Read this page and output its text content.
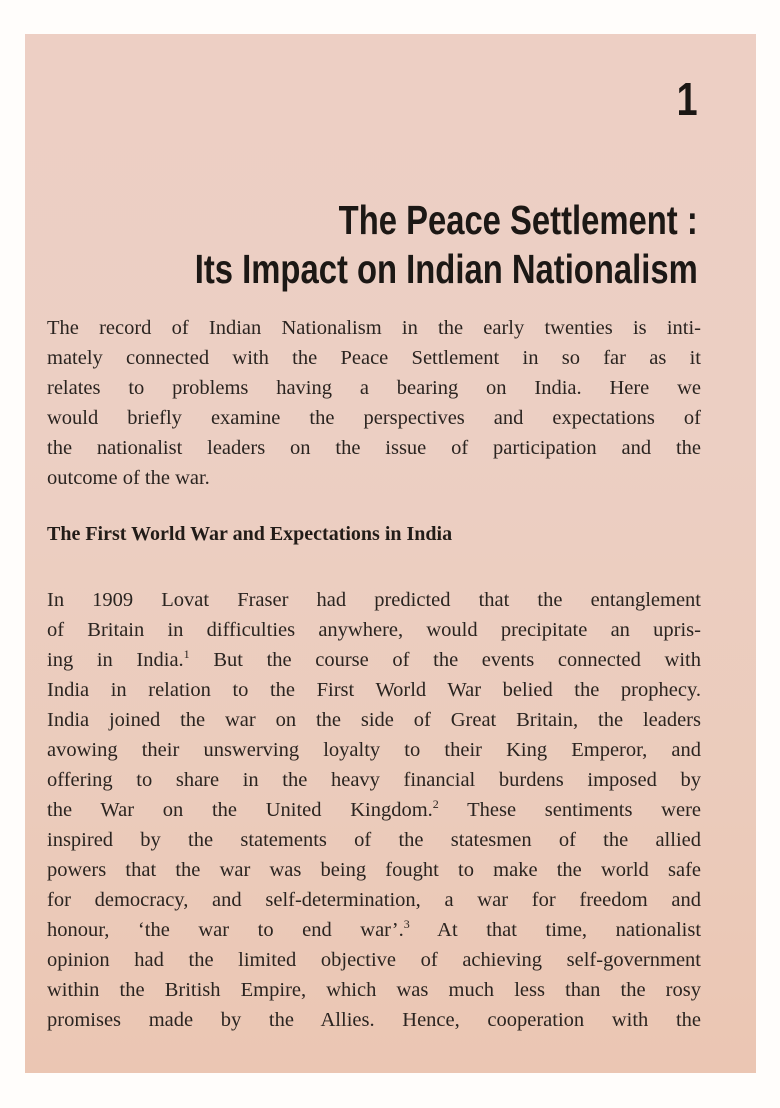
1
The Peace Settlement :
Its Impact on Indian Nationalism
The record of Indian Nationalism in the early twenties is inti-
mately connected with the Peace Settlement in so far as it
relates to problems having a bearing on India. Here we
would briefly examine the perspectives and expectations of
the nationalist leaders on the issue of participation and the
outcome of the war.
The First World War and Expectations in India
In 1909 Lovat Fraser had predicted that the entanglement
of Britain in difficulties anywhere, would precipitate an upris-
ing in India.$^1$ But the course of the events connected with
India in relation to the First World War belied the prophecy.
India joined the war on the side of Great Britain, the leaders
avowing their unswerving loyalty to their King Emperor, and
offering to share in the heavy financial burdens imposed by
the War on the United Kingdom.$^2$ These sentiments were
inspired by the statements of the statesmen of the allied
powers that the war was being fought to make the world safe
for democracy, and self-determination, a war for freedom and
honour, ‘the war to end war’.$^3$ At that time, nationalist
opinion had the limited objective of achieving self-government
within the British Empire, which was much less than the rosy
promises made by the Allies. Hence, cooperation with the
